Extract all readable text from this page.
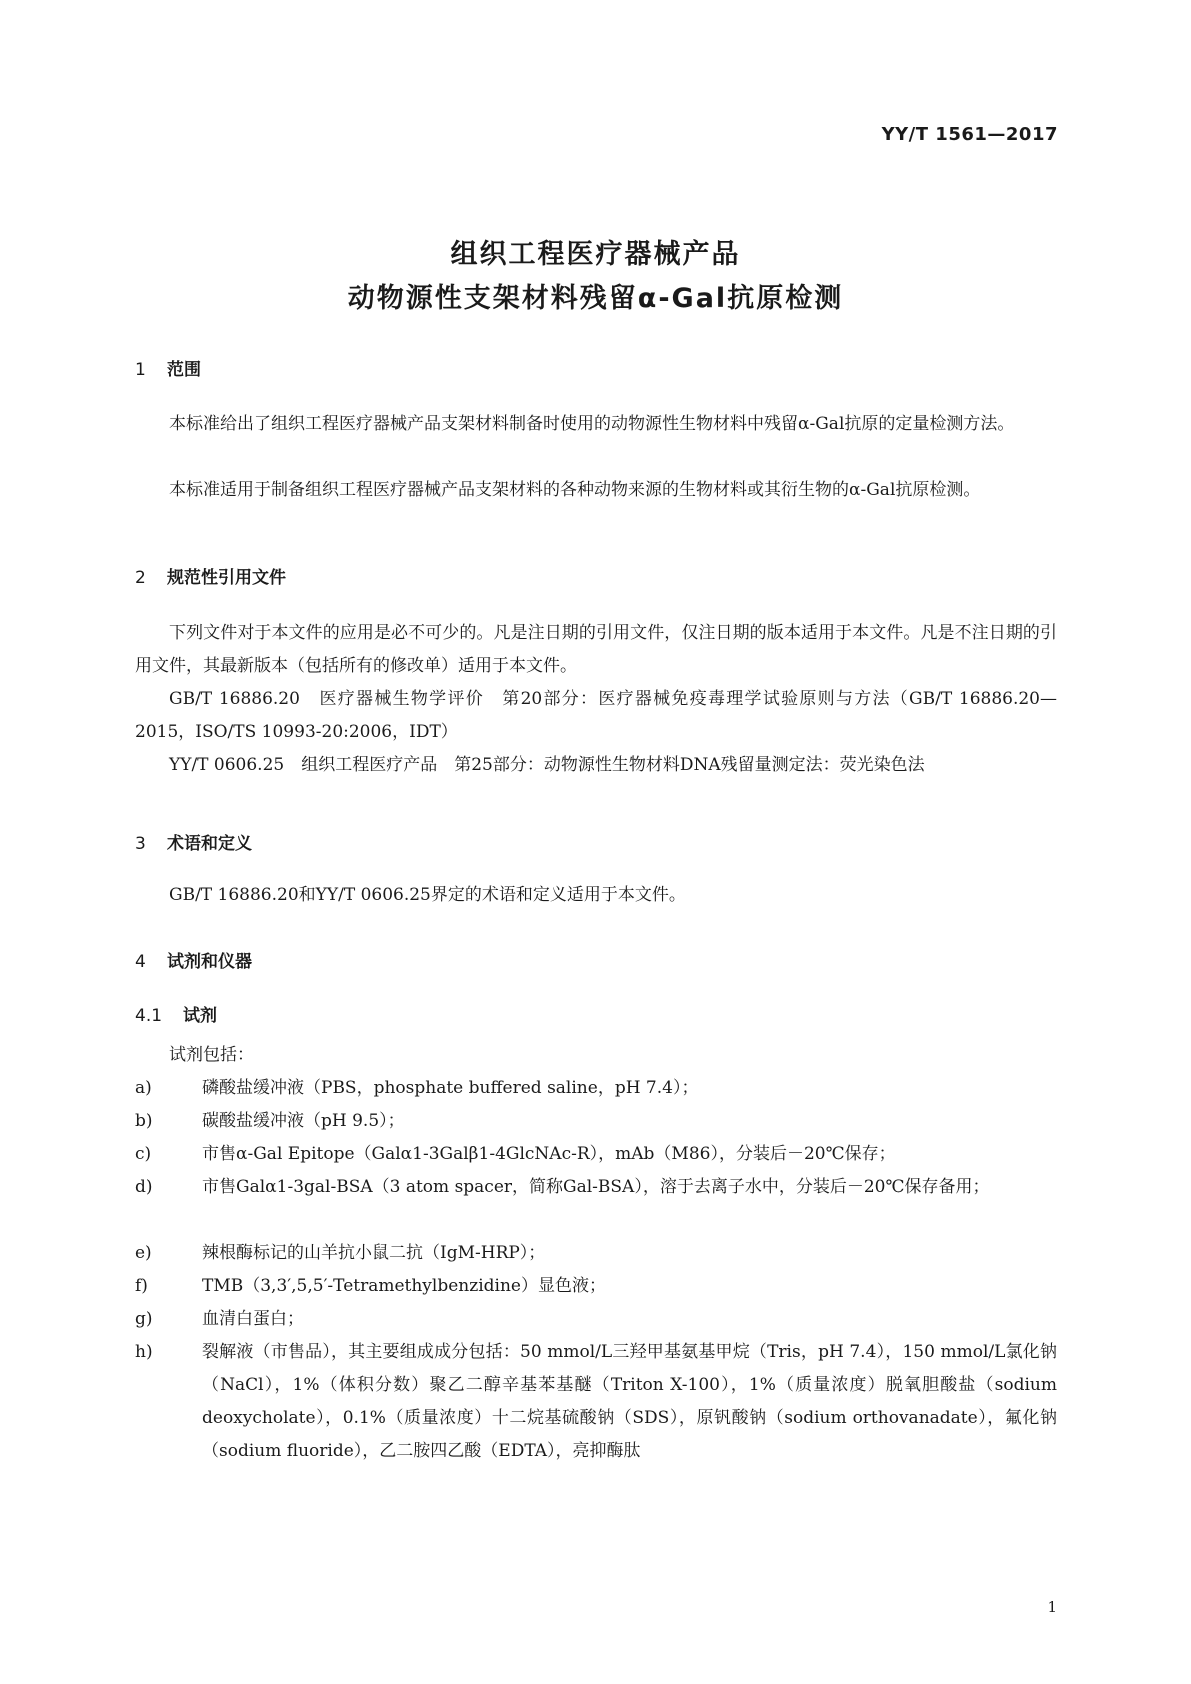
YY/T 1561—2017
组织工程医疗器械产品
动物源性支架材料残留α-Gal抗原检测
1 范围
本标准给出了组织工程医疗器械产品支架材料制备时使用的动物源性生物材料中残留α-Gal抗原的定量检测方法。
本标准适用于制备组织工程医疗器械产品支架材料的各种动物来源的生物材料或其衍生物的α-Gal抗原检测。
2 规范性引用文件
下列文件对于本文件的应用是必不可少的。凡是注日期的引用文件，仅注日期的版本适用于本文件。凡是不注日期的引用文件，其最新版本（包括所有的修改单）适用于本文件。
GB/T 16886.20　医疗器械生物学评价　第20部分：医疗器械免疫毒理学试验原则与方法（GB/T 16886.20—2015，ISO/TS 10993-20:2006，IDT）
YY/T 0606.25　组织工程医疗产品　第25部分：动物源性生物材料DNA残留量测定法：荧光染色法
3 术语和定义
GB/T 16886.20和YY/T 0606.25界定的术语和定义适用于本文件。
4 试剂和仪器
4.1 试剂
试剂包括：
a)	磷酸盐缓冲液（PBS，phosphate buffered saline，pH 7.4）；
b)	碳酸盐缓冲液（pH 9.5）；
c)	市售α-Gal Epitope（Galα1-3Galβ1-4GlcNAc-R），mAb（M86），分装后－20℃保存；
d)	市售Galα1-3gal-BSA（3 atom spacer，简称Gal-BSA），溶于去离子水中，分装后－20℃保存备用；
e)	辣根酶标记的山羊抗小鼠二抗（IgM-HRP）；
f)	TMB（3,3′,5,5′-Tetramethylbenzidine）显色液；
g)	血清白蛋白；
h)	裂解液（市售品），其主要组成成分包括：50 mmol/L三羟甲基氨基甲烷（Tris，pH 7.4），150 mmol/L氯化钠（NaCl），1%（体积分数）聚乙二醇辛基苯基醚（Triton X-100），1%（质量浓度）脱氧胆酸盐（sodium deoxycholate），0.1%（质量浓度）十二烷基硫酸钠（SDS），原钒酸钠（sodium orthovanadate），氟化钠（sodium fluoride），乙二胺四乙酸（EDTA），亮抑酶肽
1
